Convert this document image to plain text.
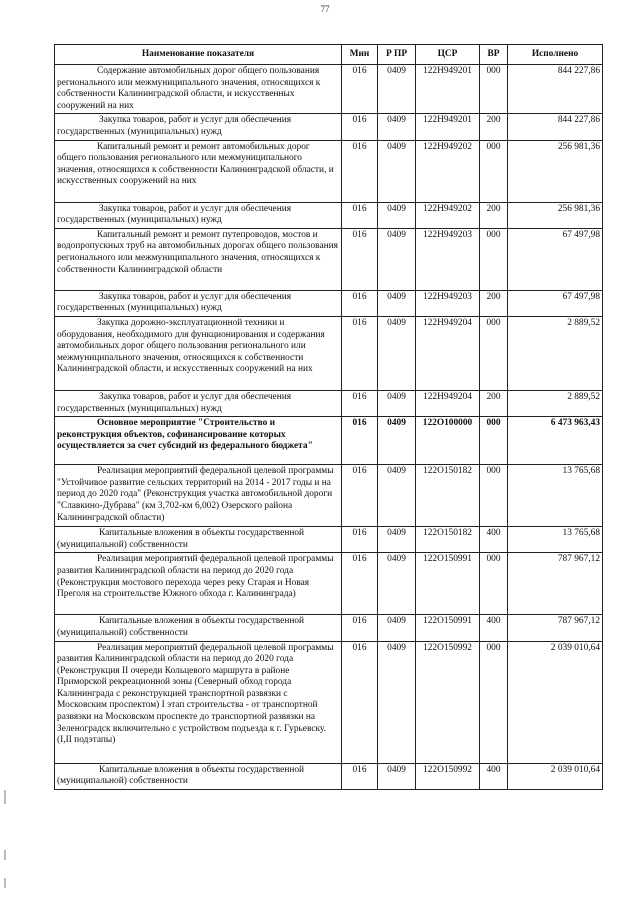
77
Наименование показателя	Мин	Р ПР	ЦСР	ВР	Исполнено
Содержание автомобильных дорог общего пользования регионального или межмуниципального значения, относящихся к собственности Калининградской области, и искусственных сооружений на них	016	0409	122Н949201	000	844 227,86
Закупка товаров, работ и услуг для обеспечения государственных (муниципальных) нужд	016	0409	122Н949201	200	844 227,86
Капитальный ремонт и ремонт автомобильных дорог общего пользования регионального или межмуниципального значения, относящихся к собственности Калининградской области, и искусственных сооружений на них	016	0409	122Н949202	000	256 981,36
Закупка товаров, работ и услуг для обеспечения государственных (муниципальных) нужд	016	0409	122Н949202	200	256 981,36
Капитальный ремонт и ремонт путепроводов, мостов и водопропускных труб на автомобильных дорогах общего пользования регионального или межмуниципального значения, относящихся к собственности Калининградской области	016	0409	122Н949203	000	67 497,98
Закупка товаров, работ и услуг для обеспечения государственных (муниципальных) нужд	016	0409	122Н949203	200	67 497,98
Закупка дорожно-эксплуатационной техники и оборудования, необходимого для функционирования и содержания автомобильных дорог общего пользования регионального или межмуниципального значения, относящихся к собственности Калининградской области, и искусственных сооружений на них	016	0409	122Н949204	000	2 889,52
Закупка товаров, работ и услуг для обеспечения государственных (муниципальных) нужд	016	0409	122Н949204	200	2 889,52
Основное мероприятие "Строительство и реконструкция объектов, софинансирование которых осуществляется за счет субсидий из федерального бюджета"	016	0409	122О100000	000	6 473 963,43
Реализация мероприятий федеральной целевой программы "Устойчивое развитие сельских территорий на 2014 - 2017 годы и на период до 2020 года" (Реконструкция участка автомобильной дороги "Славкино-Дубрава" (км 3,702-км 6,002) Озерского района Калининградской области)	016	0409	122О150182	000	13 765,68
Капитальные вложения в объекты государственной (муниципальной) собственности	016	0409	122О150182	400	13 765,68
Реализация мероприятий федеральной целевой программы развития Калининградской области на период до 2020 года (Реконструкция мостового перехода через реку Старая и Новая Преголя на строительстве Южного обхода г. Калининграда)	016	0409	122О150991	000	787 967,12
Капитальные вложения в объекты государственной (муниципальной) собственности	016	0409	122О150991	400	787 967,12
Реализация мероприятий федеральной целевой программы развития Калининградской области на период до 2020 года (Реконструкция II очереди Кольцевого маршрута в районе Приморской рекреационной зоны (Северный обход города Калининграда с реконструкцией транспортной развязки с Московским проспектом) I этап строительства - от транспортной развязки на Московском проспекте до транспортной развязки на Зеленоградск включительно с устройством подъезда к г. Гурьевску. (I,II подэтапы)	016	0409	122О150992	000	2 039 010,64
Капитальные вложения в объекты государственной (муниципальной) собственности	016	0409	122О150992	400	2 039 010,64
